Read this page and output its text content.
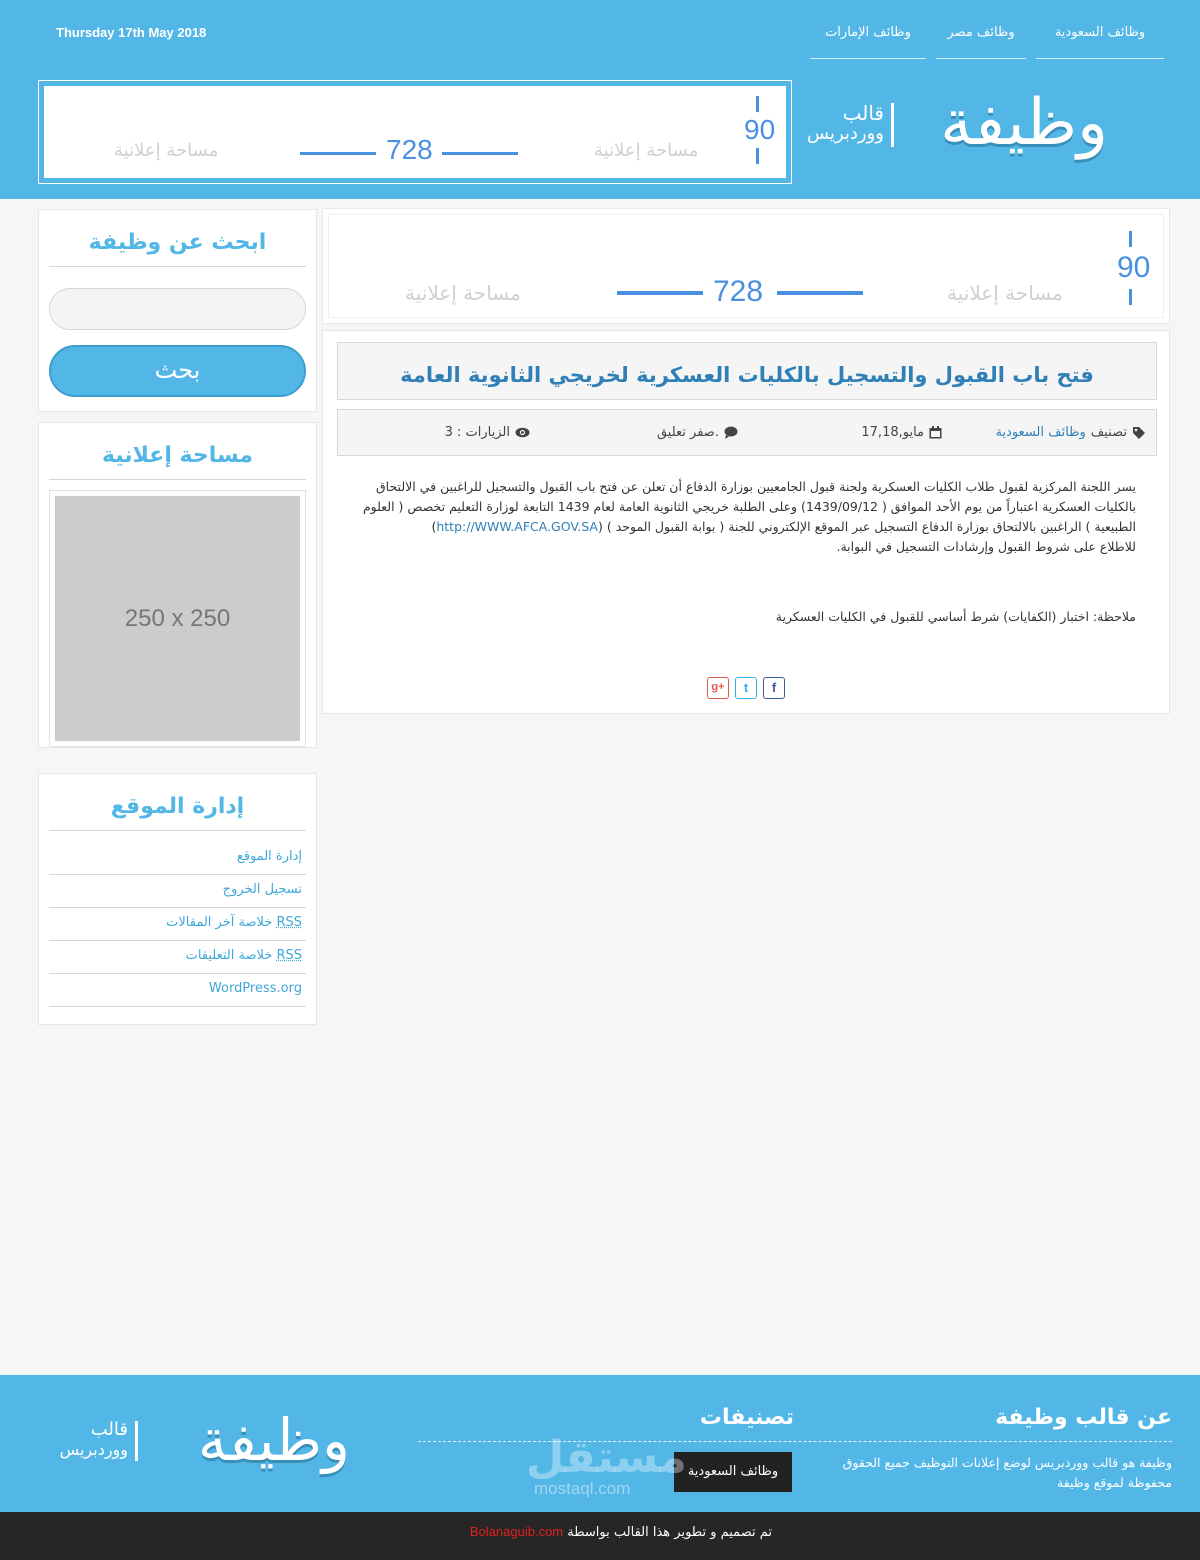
Thursday 17th May 2018	وظائف السعودية
وظائف مصر
وظائف الإمارات
وظيفة
قالب
ووردبريس
90
مساحة إعلانية
728
مساحة إعلانية
90
مساحة إعلانية
728
مساحة إعلانية
فتح باب القبول والتسجيل بالكليات العسكرية لخريجي الثانوية العامة
تصنيف
وظائف السعودية
17,مايو,18
صفر تعليق.
الزيارات : 3

يسر اللجنة المركزية لقبول طلاب الكليات العسكرية ولجنة قبول الجامعيين بوزارة الدفاع أن تعلن عن فتح باب القبول والتسجيل للراغبين في الالتحاق بالكليات العسكرية اعتباراً من يوم الأحد الموافق ( 1439/09/12) وعلى الطلبة خريجي الثانوية العامة لعام 1439 التابعة لوزارة التعليم تخصص ( العلوم الطبيعية ) الراغبين بالالتحاق بوزارة الدفاع التسجيل عبر الموقع الإلكتروني للجنة ( بوابة القبول الموحد ) (http://WWW.AFCA.GOV.SA)

للاطلاع على شروط القبول وإرشادات التسجيل في البوابة.

ملاحظة: اختبار (الكفايات) شرط أساسي للقبول في الكليات العسكرية

g+	t	f
ابحث عن وظيفة
بحث
مساحة إعلانية
250 x 250
إدارة الموقع
إدارة الموقع
تسجيل الخروج
خلاصة آخر المقالات RSS
خلاصة التعليقات RSS
WordPress.org
عن قالب وظيفة

وظيفة هو قالب ووردبريس لوضع إعلانات التوظيف جميع الحقوق محفوظة لموقع وظيفة

تصنيفات
وظائف السعودية
مستقل
mostaql.com
وظيفة
قالب
ووردبريس
تم تصميم و تطوير هذا القالب بواسطة Bolanaguib.com
